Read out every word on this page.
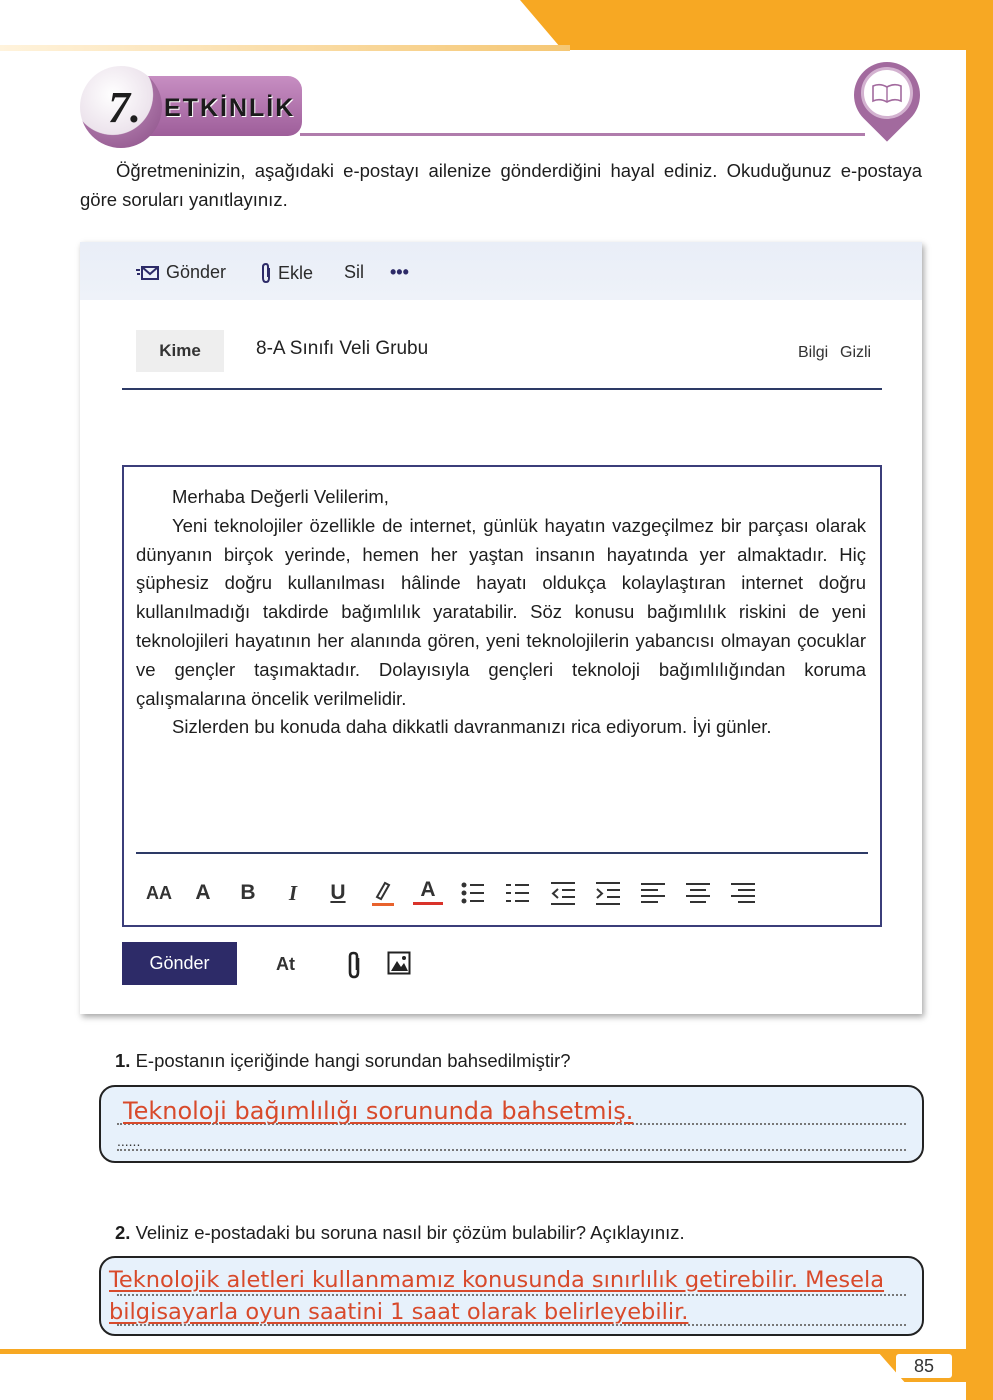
7. ETKİNLİK
Öğretmeninizin, aşağıdaki e-postayı ailenize gönderdiğini hayal ediniz. Okuduğunuz e-postaya göre soruları yanıtlayınız.
Gönder	Ekle Sil •••
Kime	8-A Sınıfı Veli Grubu	Bilgi Gizli

Merhaba Değerli Velilerim,

Yeni teknolojiler özellikle de internet, günlük hayatın vazgeçilmez bir parçası olarak dünyanın birçok yerinde, hemen her yaştan insanın hayatında yer almaktadır. Hiç şüphesiz doğru kullanılması hâlinde hayatı oldukça kolaylaştıran internet doğru kullanılmadığı takdirde bağımlılık yaratabilir. Söz konusu bağımlılık riskini de yeni teknolojileri hayatının her alanında gören, yeni teknolojilerin yabancısı olmayan çocuklar ve gençler taşımaktadır. Dolayısıyla gençleri teknoloji bağımlılığından koruma çalışmalarına öncelik verilmelidir.

Sizlerden bu konuda daha dikkatli davranmanızı rica ediyorum. İyi günler.

AA	A	B	I	U	A
Gönder	At
1. E-postanın içeriğinde hangi sorundan bahsedilmiştir?
Teknoloji bağımlılığı sorununda bahsetmiş.
......
2. Veliniz e-postadaki bu soruna nasıl bir çözüm bulabilir? Açıklayınız.
Teknolojik aletleri kullanmamız konusunda sınırlılık getirebilir. Mesela
bilgisayarla oyun saatini 1 saat olarak belirleyebilir.
85
